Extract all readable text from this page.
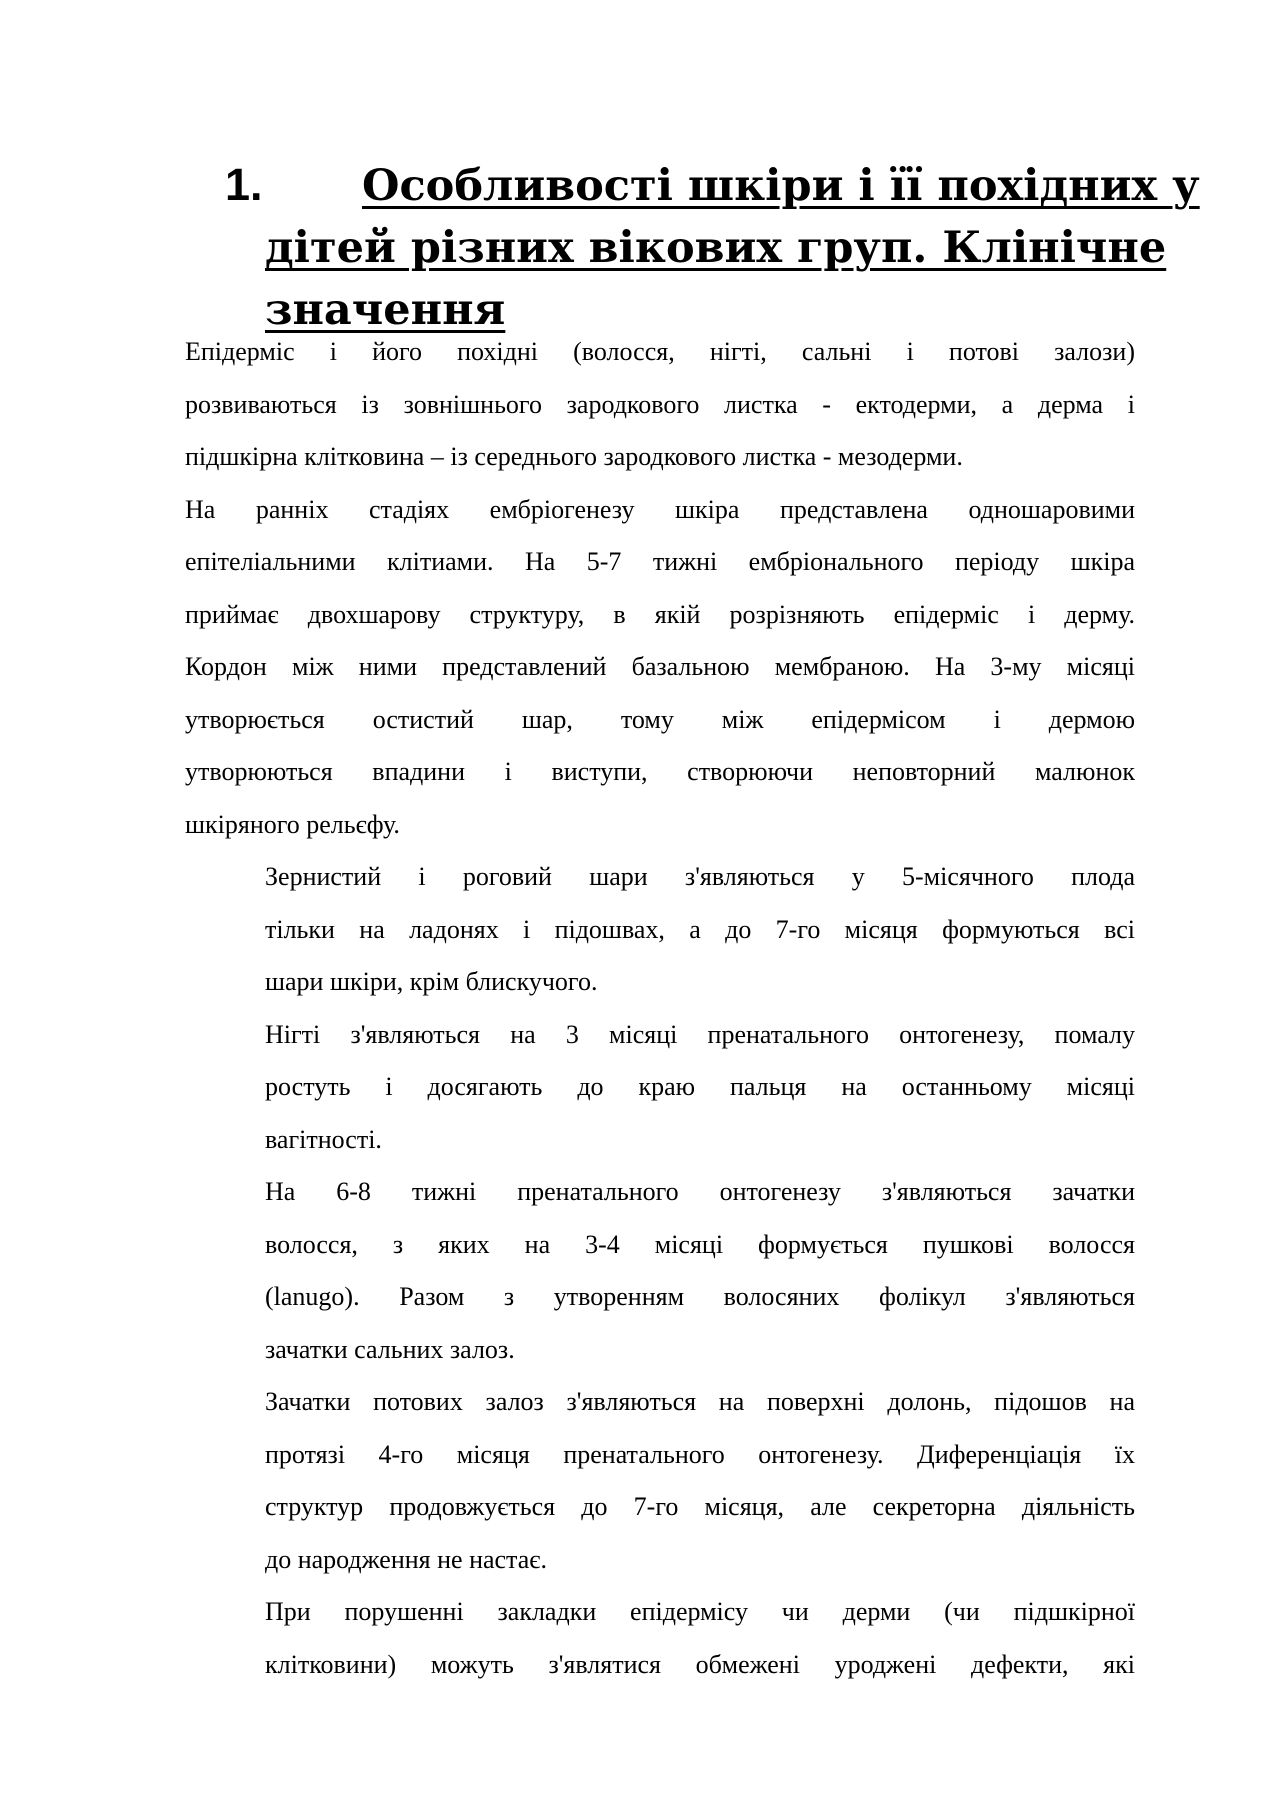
1.	Особливості шкіри і її похідних у
дітей різних вікових груп. Клінічне
значення

Епідерміс і його похідні (волосся, нігті, сальні і потові залози)
розвиваються із зовнішнього зародкового листка - ектодерми, а дерма і
підшкірна клітковина – із середнього зародкового листка - мезодерми.

На ранніх стадіях ембріогенезу шкіра представлена одношаровими
епітеліальними клітиами. На 5-7 тижні ембріонального періоду шкіра
приймає двохшарову структуру, в якій розрізняють епідерміс і дерму.
Кордон між ними представлений базальною мембраною. На 3-му місяці
утворюється остистий шар, тому між епідермісом і дермою
утворюються впадини і виступи, створюючи неповторний малюнок
шкіряного рельєфу.

Зернистий і роговий шари з'являються у 5-місячного плода
тільки на ладонях і підошвах, а до 7-го місяця формуються всі
шари шкіри, крім блискучого.

Нігті з'являються на 3 місяці пренатального онтогенезу, помалу
ростуть і досягають до краю пальця на останньому місяці
вагітності.

На 6-8 тижні пренатального онтогенезу з'являються зачатки
волосся, з яких на 3-4 місяці формується пушкові волосся
(lanugo). Разом з утворенням волосяних фолікул з'являються
зачатки сальних залоз.

Зачатки потових залоз з'являються на поверхні долонь, підошов на
протязі 4-го місяця пренатального онтогенезу. Диференціація їх
структур продовжується до 7-го місяця, але секреторна діяльність
до народження не настає.

При порушенні закладки епідермісу чи дерми (чи підшкірної
клітковини) можуть з'являтися обмежені уроджені дефекти, які
